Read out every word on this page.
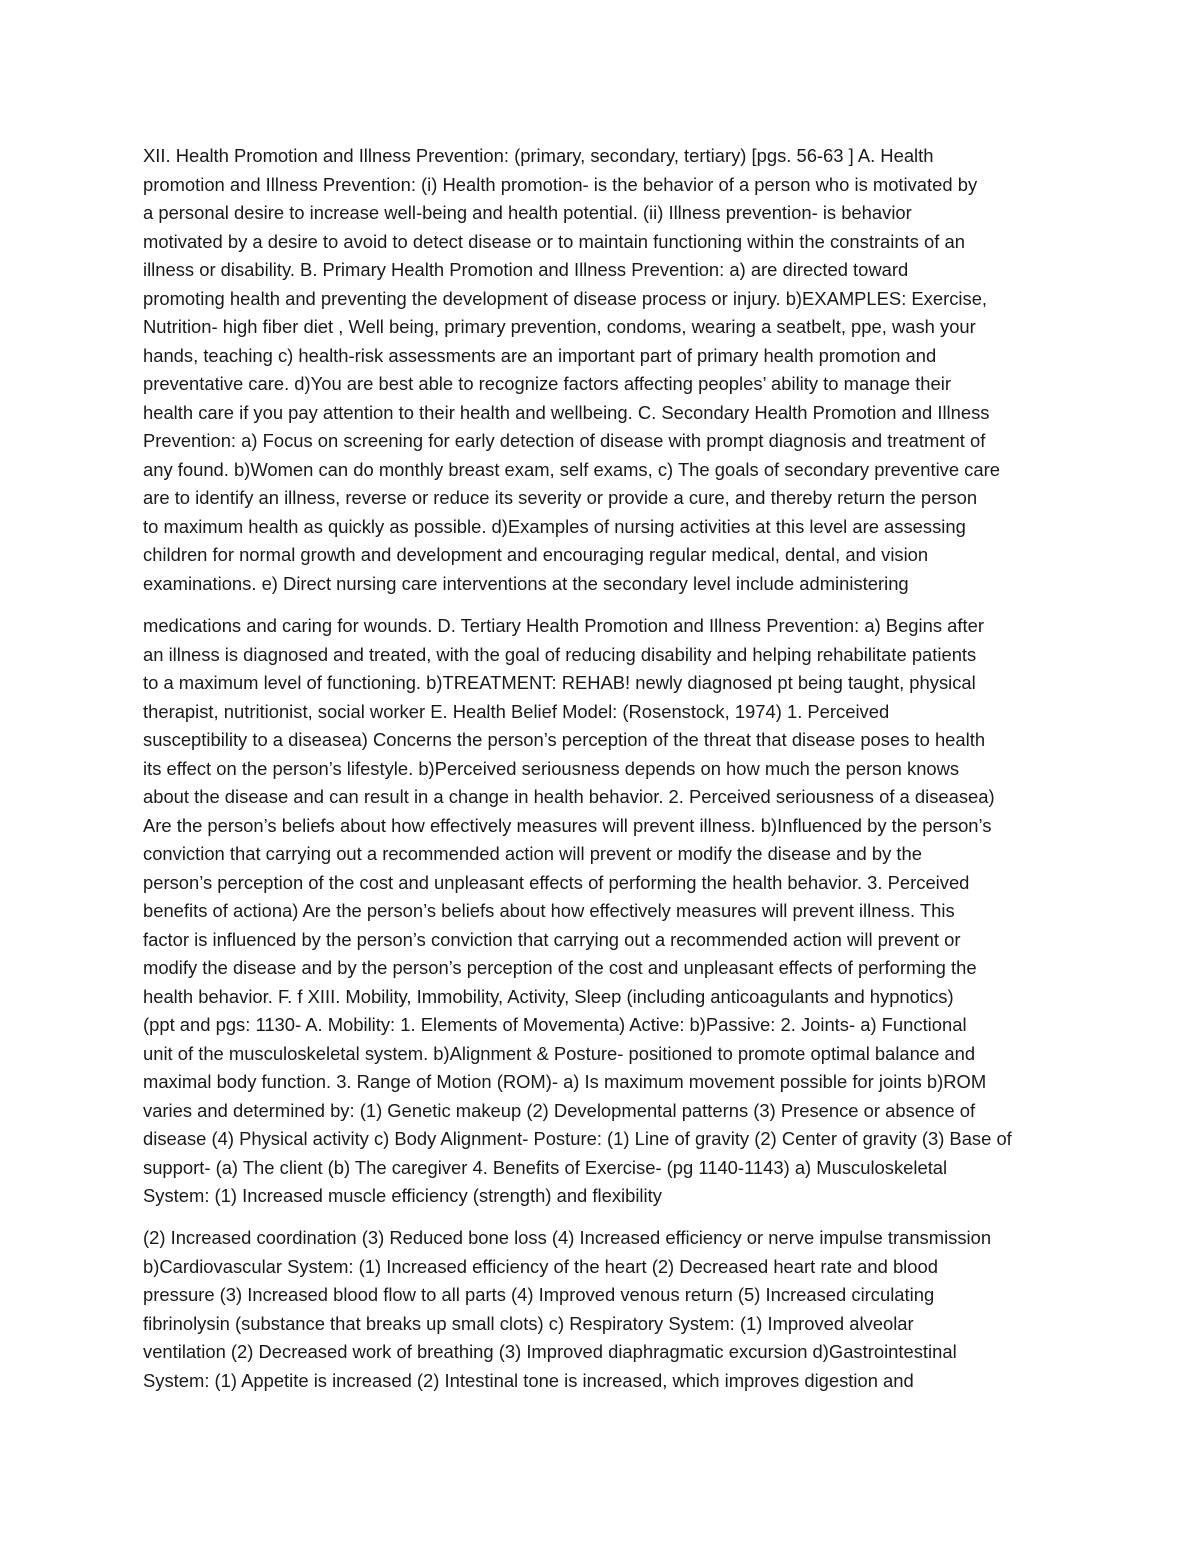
XII. Health Promotion and Illness Prevention: (primary, secondary, tertiary) [pgs. 56-63 ] A. Health
promotion and Illness Prevention: (i) Health promotion- is the behavior of a person who is motivated by
a personal desire to increase well-being and health potential. (ii) Illness prevention- is behavior
motivated by a desire to avoid to detect disease or to maintain functioning within the constraints of an
illness or disability. B. Primary Health Promotion and Illness Prevention: a) are directed toward
promoting health and preventing the development of disease process or injury. b)EXAMPLES: Exercise,
Nutrition- high fiber diet , Well being, primary prevention, condoms, wearing a seatbelt, ppe, wash your
hands, teaching c) health-risk assessments are an important part of primary health promotion and
preventative care. d)You are best able to recognize factors affecting peoples’ ability to manage their
health care if you pay attention to their health and wellbeing. C. Secondary Health Promotion and Illness
Prevention: a) Focus on screening for early detection of disease with prompt diagnosis and treatment of
any found. b)Women can do monthly breast exam, self exams, c) The goals of secondary preventive care
are to identify an illness, reverse or reduce its severity or provide a cure, and thereby return the person
to maximum health as quickly as possible. d)Examples of nursing activities at this level are assessing
children for normal growth and development and encouraging regular medical, dental, and vision
examinations. e) Direct nursing care interventions at the secondary level include administering
medications and caring for wounds. D. Tertiary Health Promotion and Illness Prevention: a) Begins after
an illness is diagnosed and treated, with the goal of reducing disability and helping rehabilitate patients
to a maximum level of functioning. b)TREATMENT: REHAB! newly diagnosed pt being taught, physical
therapist, nutritionist, social worker E. Health Belief Model: (Rosenstock, 1974) 1. Perceived
susceptibility to a diseasea) Concerns the person’s perception of the threat that disease poses to health
its effect on the person’s lifestyle. b)Perceived seriousness depends on how much the person knows
about the disease and can result in a change in health behavior. 2. Perceived seriousness of a diseasea)
Are the person’s beliefs about how effectively measures will prevent illness. b)Influenced by the person’s
conviction that carrying out a recommended action will prevent or modify the disease and by the
person’s perception of the cost and unpleasant effects of performing the health behavior. 3. Perceived
benefits of actiona) Are the person’s beliefs about how effectively measures will prevent illness. This
factor is influenced by the person’s conviction that carrying out a recommended action will prevent or
modify the disease and by the person’s perception of the cost and unpleasant effects of performing the
health behavior. F. f XIII. Mobility, Immobility, Activity, Sleep (including anticoagulants and hypnotics)
(ppt and pgs: 1130- A. Mobility: 1. Elements of Movementa) Active: b)Passive: 2. Joints- a) Functional
unit of the musculoskeletal system. b)Alignment & Posture- positioned to promote optimal balance and
maximal body function. 3. Range of Motion (ROM)- a) Is maximum movement possible for joints b)ROM
varies and determined by: (1) Genetic makeup (2) Developmental patterns (3) Presence or absence of
disease (4) Physical activity c) Body Alignment- Posture: (1) Line of gravity (2) Center of gravity (3) Base of
support- (a) The client (b) The caregiver 4. Benefits of Exercise- (pg 1140-1143) a) Musculoskeletal
System: (1) Increased muscle efficiency (strength) and flexibility
(2) Increased coordination (3) Reduced bone loss (4) Increased efficiency or nerve impulse transmission
b)Cardiovascular System: (1) Increased efficiency of the heart (2) Decreased heart rate and blood
pressure (3) Increased blood flow to all parts (4) Improved venous return (5) Increased circulating
fibrinolysin (substance that breaks up small clots) c) Respiratory System: (1) Improved alveolar
ventilation (2) Decreased work of breathing (3) Improved diaphragmatic excursion d)Gastrointestinal
System: (1) Appetite is increased (2) Intestinal tone is increased, which improves digestion and
